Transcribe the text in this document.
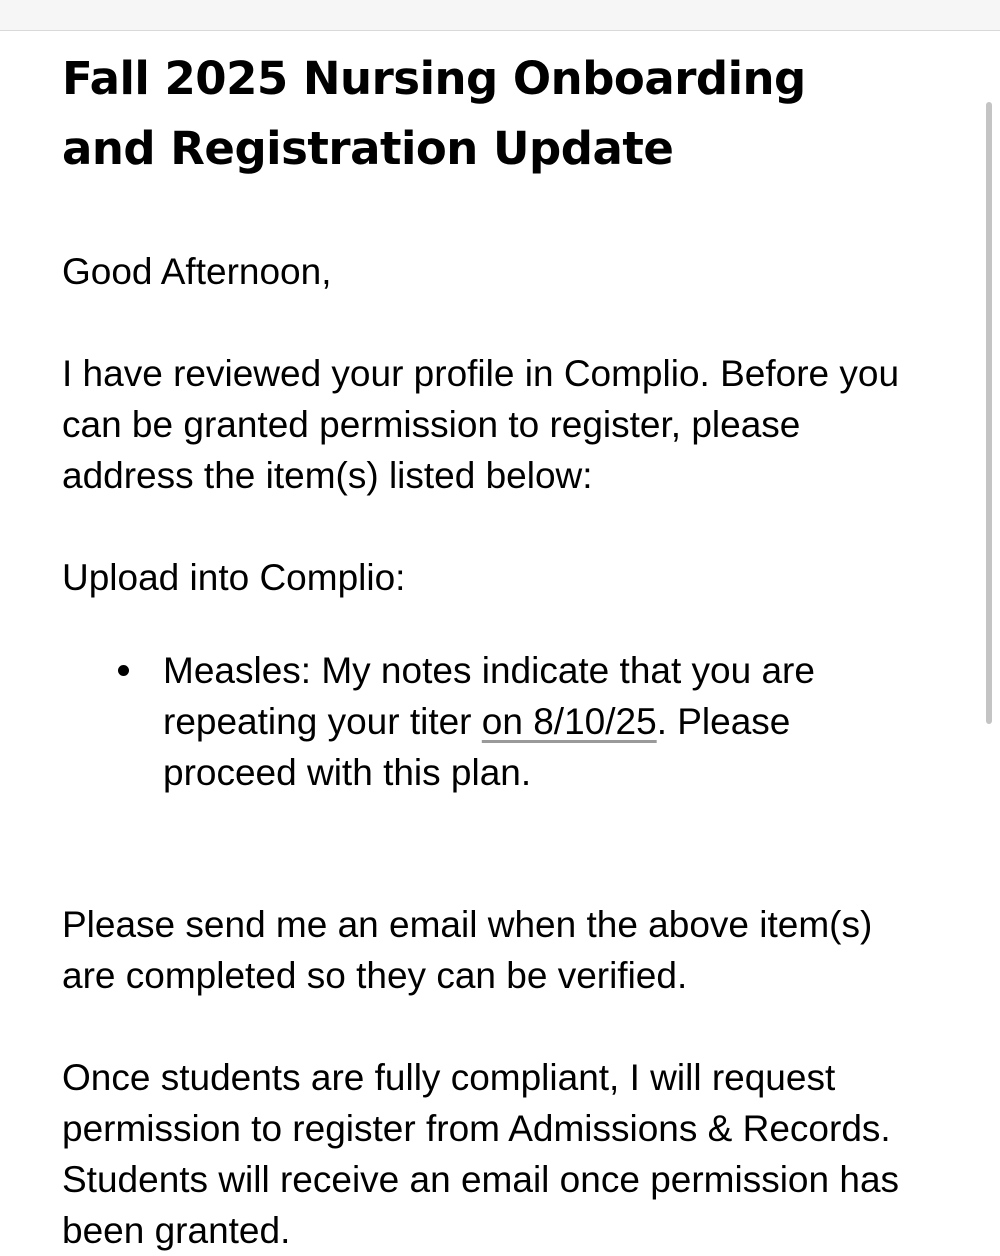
Fall 2025 Nursing Onboarding and Registration Update

Good Afternoon,

I have reviewed your profile in Complio. Before you can be granted permission to register, please address the item(s) listed below:

Upload into Complio:

Measles: My notes indicate that you are repeating your titer on 8/10/25. Please proceed with this plan.

Please send me an email when the above item(s) are completed so they can be verified.

Once students are fully compliant, I will request permission to register from Admissions & Records. Students will receive an email once permission has been granted.
